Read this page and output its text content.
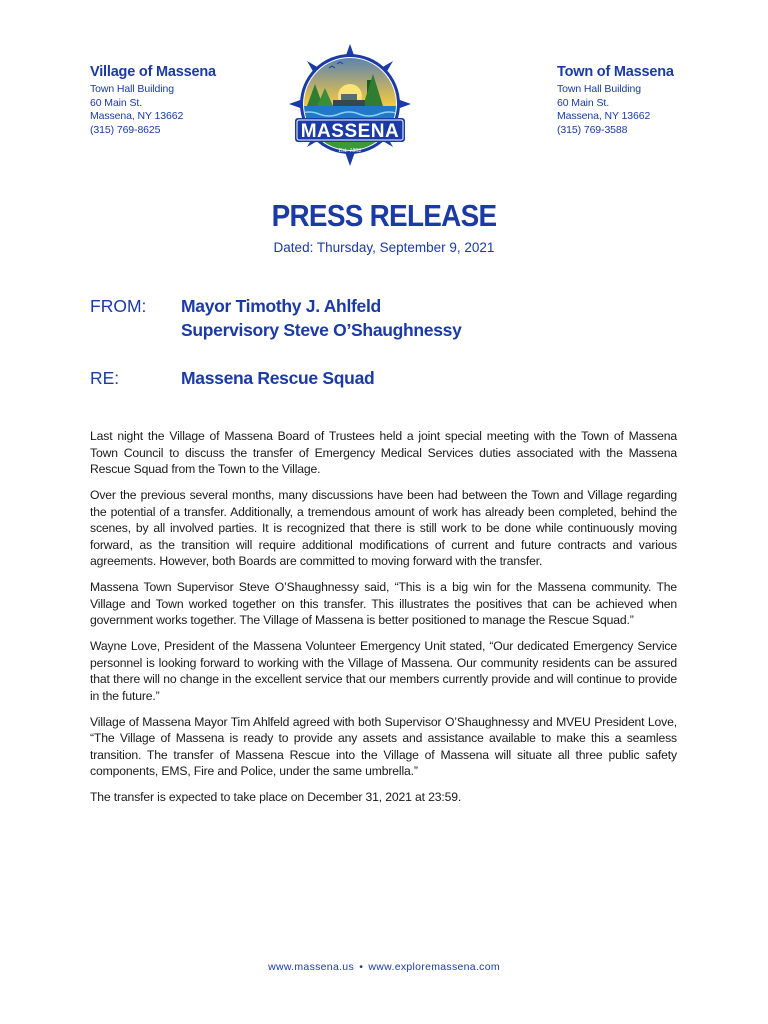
Village of Massena
Town Hall Building
60 Main St.
Massena, NY 13662
(315) 769-8625	MASSENA
Est. 1802
Town of Massena
Town Hall Building
60 Main St.
Massena, NY 13662
(315) 769-3588
PRESS RELEASE
Dated: Thursday, September 9, 2021
FROM: Mayor Timothy J. Ahlfeld
Supervisory Steve O’Shaughnessy
RE:	Massena Rescue Squad

Last night the Village of Massena Board of Trustees held a joint special meeting with the Town of Massena Town Council to discuss the transfer of Emergency Medical Services duties associated with the Massena Rescue Squad from the Town to the Village.

Over the previous several months, many discussions have been had between the Town and Village regarding the potential of a transfer. Additionally, a tremendous amount of work has already been completed, behind the scenes, by all involved parties. It is recognized that there is still work to be done while continuously moving forward, as the transition will require additional modifications of current and future contracts and various agreements. However, both Boards are committed to moving forward with the transfer.

Massena Town Supervisor Steve O’Shaughnessy said, “This is a big win for the Massena community. The Village and Town worked together on this transfer. This illustrates the positives that can be achieved when government works together. The Village of Massena is better positioned to manage the Rescue Squad.”

Wayne Love, President of the Massena Volunteer Emergency Unit stated, “Our dedicated Emergency Service personnel is looking forward to working with the Village of Massena. Our community residents can be assured that there will no change in the excellent service that our members currently provide and will continue to provide in the future.”

Village of Massena Mayor Tim Ahlfeld agreed with both Supervisor O’Shaughnessy and MVEU President Love, “The Village of Massena is ready to provide any assets and assistance available to make this a seamless transition. The transfer of Massena Rescue into the Village of Massena will situate all three public safety components, EMS, Fire and Police, under the same umbrella.”

The transfer is expected to take place on December 31, 2021 at 23:59.

www.massena.us • www.exploremassena.com
